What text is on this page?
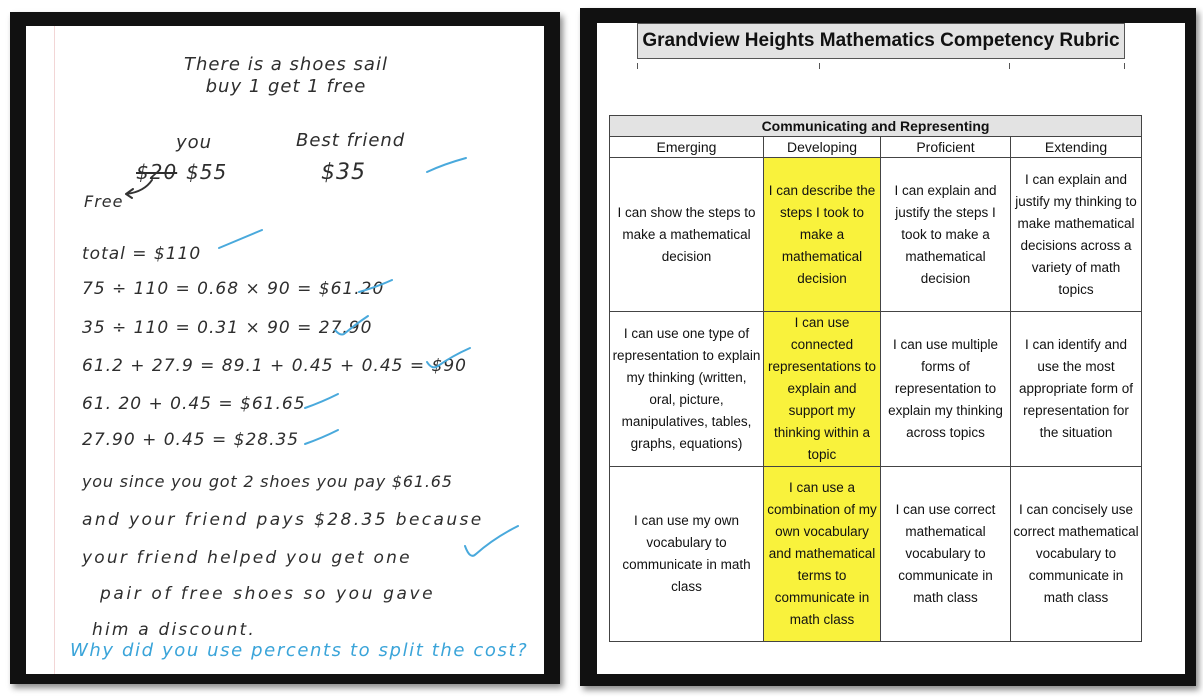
There is a shoes sail
buy 1 get 1 free
you
$20 $55
Free
Best friend
$35
total = $110
75 ÷ 110 = 0.68 × 90 = $61.20
35 ÷ 110 = 0.31 × 90 = 27.90
61.2 + 27.9 = 89.1 + 0.45 + 0.45 = $90
61. 20 + 0.45 = $61.65
27.90 + 0.45 = $28.35
you since you got 2 shoes you pay $61.65
and your friend pays $28.35 because
your friend helped you get one
pair of free shoes so you gave
him a discount.
Why did you use percents to split the cost?
Grandview Heights Mathematics Competency Rubric
Communicating and Representing			
Emerging	Developing	Proficient	Extending
I can show the steps to make a mathematical decision	I can describe the steps I took to make a mathematical decision	I can explain and justify the steps I took to make a mathematical decision	I can explain and justify my thinking to make mathematical decisions across a variety of math topics
I can use one type of representation to explain my thinking (written, oral, picture, manipulatives, tables, graphs, equations)	I can use connected representations to explain and support my thinking within a topic	I can use multiple forms of representation to explain my thinking across topics	I can identify and use the most appropriate form of representation for the situation
I can use my own vocabulary to communicate in math class	I can use a combination of my own vocabulary and mathematical terms to communicate in math class	I can use correct mathematical vocabulary to communicate in math class	I can concisely use correct mathematical vocabulary to communicate in math class
